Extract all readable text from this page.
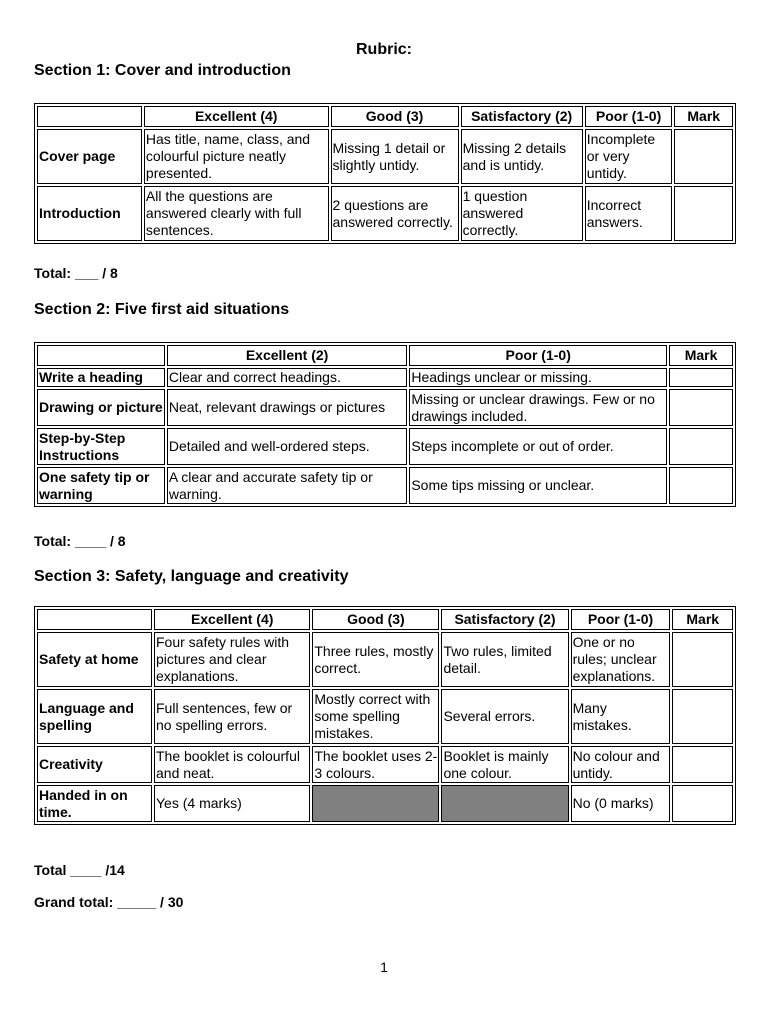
Rubric:
Section 1: Cover and introduction
	Excellent (4)	Good (3)	Satisfactory (2)	Poor (1-0)	Mark
Cover page	Has title, name, class, and colourful picture neatly presented.	Missing 1 detail or slightly untidy.	Missing 2 details and is untidy.	Incomplete or very untidy.	
Introduction	All the questions are answered clearly with full sentences.	2 questions are answered correctly.	1 question answered correctly.	Incorrect answers.	
Total: ___ / 8
Section 2: Five first aid situations
	Excellent (2)	Poor (1-0)	Mark
Write a heading	Clear and correct headings.	Headings unclear or missing.	
Drawing or picture	Neat, relevant drawings or pictures	Missing or unclear drawings. Few or no drawings included.	
Step-by-Step Instructions	Detailed and well-ordered steps.	Steps incomplete or out of order.	
One safety tip or warning	A clear and accurate safety tip or warning.	Some tips missing or unclear.	
Total: ____ / 8
Section 3: Safety, language and creativity
	Excellent (4)	Good (3)	Satisfactory (2)	Poor (1-0)	Mark
Safety at home	Four safety rules with pictures and clear explanations.	Three rules, mostly correct.	Two rules, limited detail.	One or no rules; unclear explanations.	
Language and spelling	Full sentences, few or no spelling errors.	Mostly correct with some spelling mistakes.	Several errors.	Many mistakes.	
Creativity	The booklet is colourful and neat.	The booklet uses 2-3 colours.	Booklet is mainly one colour.	No colour and untidy.	
Handed in on time.	Yes (4 marks)			No (0 marks)	
Total ____ /14
Grand total: _____ / 30
1
